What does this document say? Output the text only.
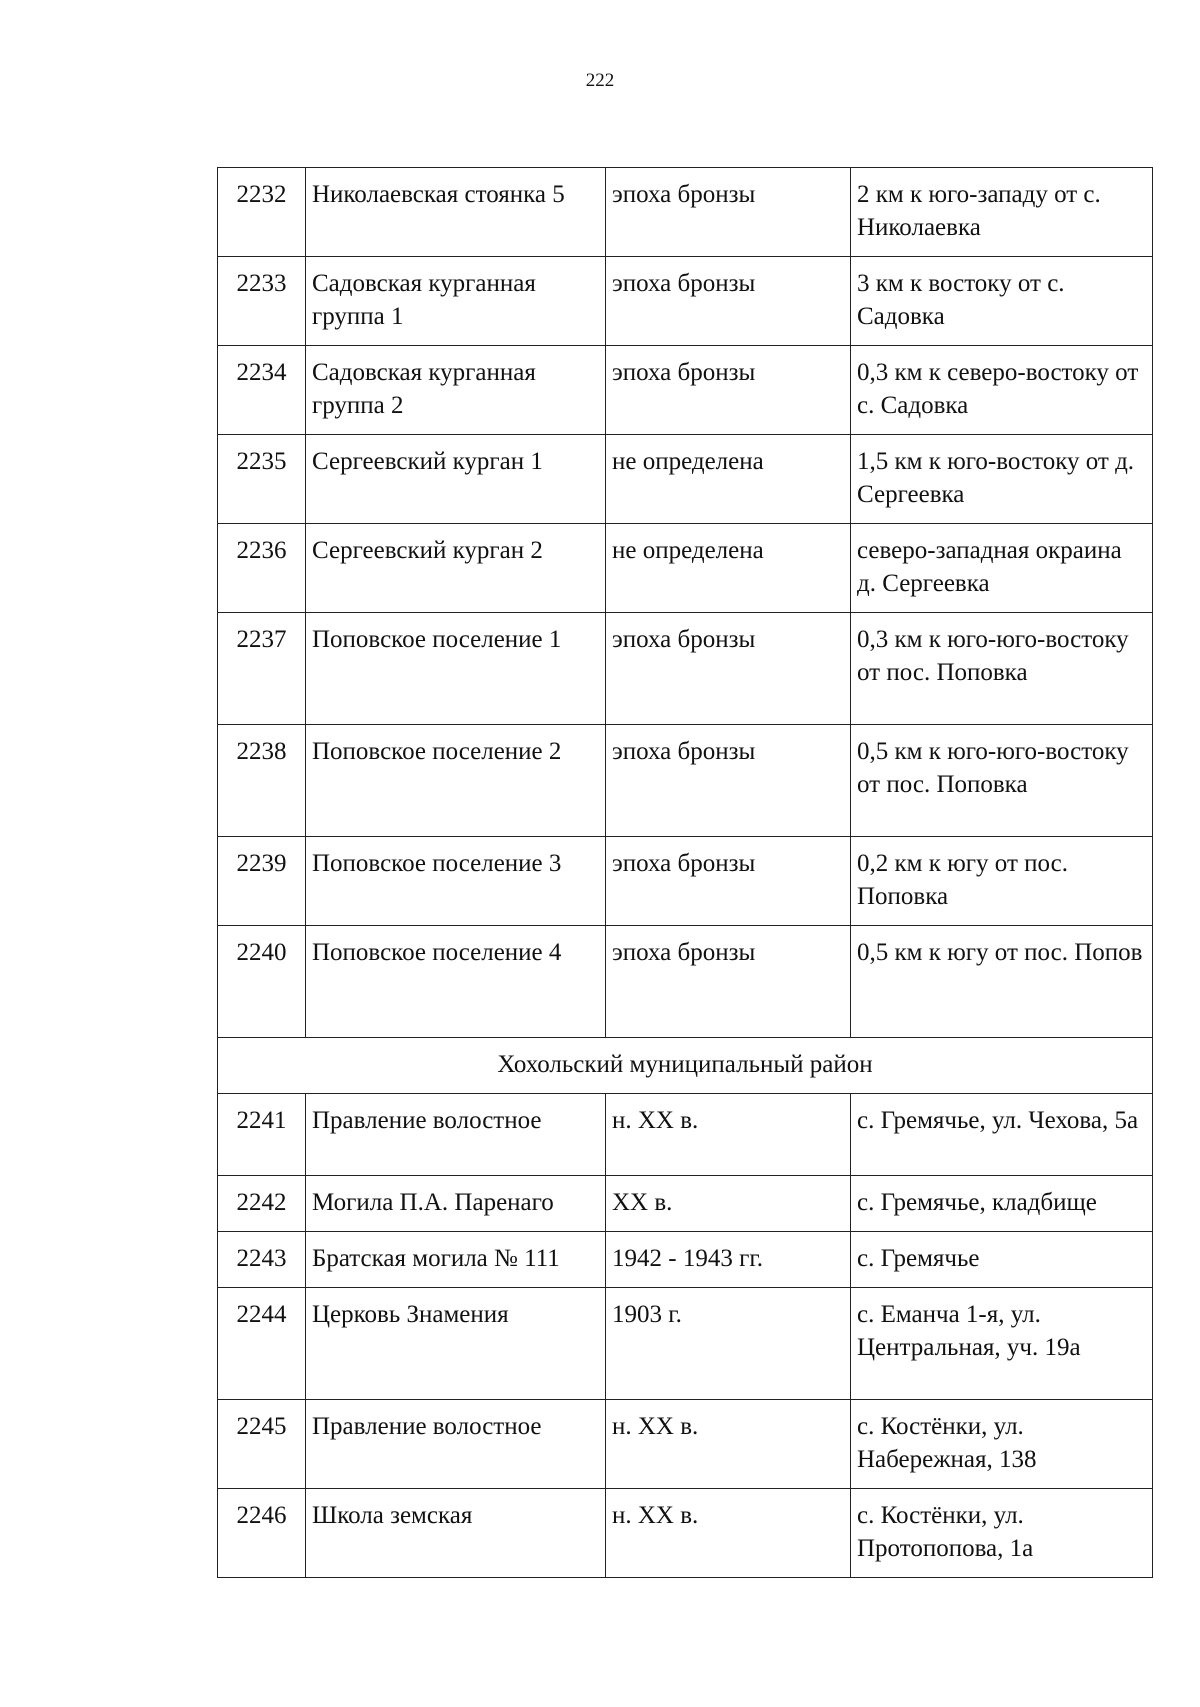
222
2232	Николаевская стоянка 5	эпоха бронзы	2 км к юго-западу от с. Николаевка
2233	Садовская курганная группа 1	эпоха бронзы	3 км к востоку от с. Садовка
2234	Садовская курганная группа 2	эпоха бронзы	0,3 км к северо-востоку от с. Садовка
2235	Сергеевский курган 1	не определена	1,5 км к юго-востоку от д. Сергеевка
2236	Сергеевский курган 2	не определена	северо-западная окраина д. Сергеевка
2237	Поповское поселение 1	эпоха бронзы	0,3 км к юго-юго-востоку от пос. Поповка
2238	Поповское поселение 2	эпоха бронзы	0,5 км к юго-юго-востоку от пос. Поповка
2239	Поповское поселение 3	эпоха бронзы	0,2 км к югу от пос. Поповка
2240	Поповское поселение 4	эпоха бронзы	0,5 км к югу от пос. Попов
Хохольский муниципальный район			
2241	Правление волостное	н. XX в.	с. Гремячье, ул. Чехова, 5а
2242	Могила П.А. Паренаго	XX в.	с. Гремячье, кладбище
2243	Братская могила № 111	1942 - 1943 гг.	с. Гремячье
2244	Церковь Знамения	1903 г.	с. Еманча 1-я, ул. Центральная, уч. 19а
2245	Правление волостное	н. XX в.	с. Костёнки, ул. Набережная, 138
2246	Школа земская	н. XX в.	с. Костёнки, ул. Протопопова, 1а
